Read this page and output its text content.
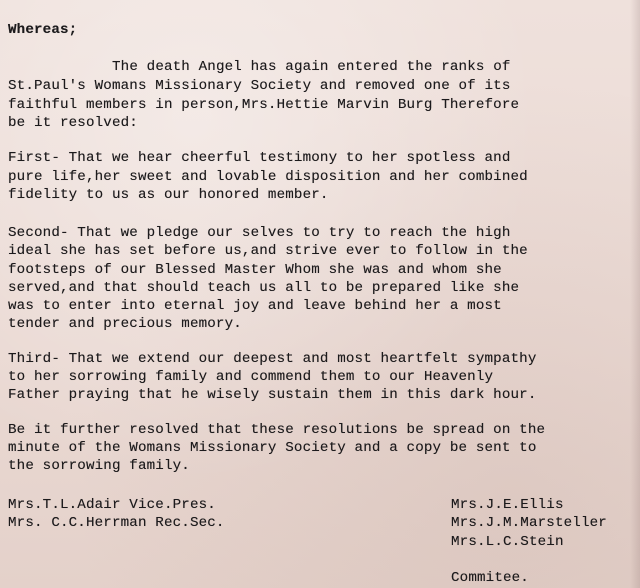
Whereas;
The death Angel has again entered the ranks of
St.Paul's Womans Missionary Society and removed one of its
faithful members in person,Mrs.Hettie Marvin Burg Therefore
be it resolved:
First- That we hear cheerful testimony to her spotless and
pure life,her sweet and lovable disposition and her combined
fidelity to us as our honored member.
Second- That we pledge our selves to try to reach the high
ideal she has set before us,and strive ever to follow in the
footsteps of our Blessed Master Whom she was and whom she
served,and that should teach us all to be prepared like she
was to enter into eternal joy and leave behind her a most
tender and precious memory.
Third- That we extend our deepest and most heartfelt sympathy
to her sorrowing family and commend them to our Heavenly
Father praying that he wisely sustain them in this dark hour.
Be it further resolved that these resolutions be spread on the
minute of the Womans Missionary Society and a copy be sent to
the sorrowing family.
Mrs.T.L.Adair Vice.Pres.
Mrs. C.C.Herrman Rec.Sec.
Mrs.J.E.Ellis
Mrs.J.M.Marsteller
Mrs.L.C.Stein
Commitee.
